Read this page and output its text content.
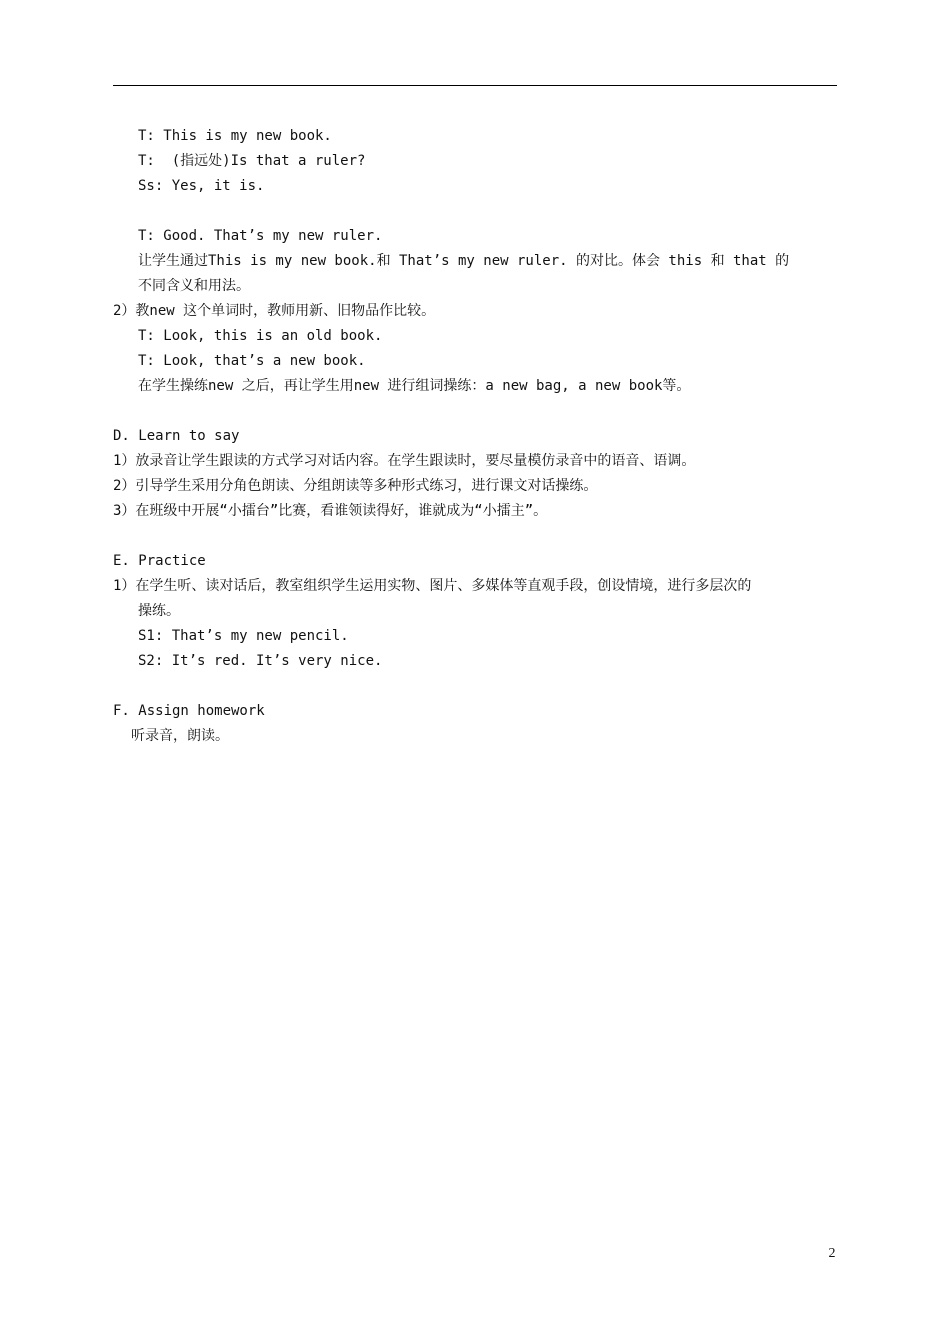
T: This is my new book.
T:  (指远处)Is that a ruler?
Ss: Yes, it is.
T: Good. That’s my new ruler.
让学生通过This is my new book.和 That’s my new ruler. 的对比。体会 this 和 that 的
不同含义和用法。
2）教new 这个单词时，教师用新、旧物品作比较。
T: Look, this is an old book.
T: Look, that’s a new book.
在学生操练new 之后，再让学生用new 进行组词操练：a new bag, a new book等。
D. Learn to say
1）放录音让学生跟读的方式学习对话内容。在学生跟读时，要尽量模仿录音中的语音、语调。
2）引导学生采用分角色朗读、分组朗读等多种形式练习，进行课文对话操练。
3）在班级中开展“小擂台”比赛，看谁领读得好，谁就成为“小擂主”。
E. Practice
1）在学生听、读对话后，教室组织学生运用实物、图片、多媒体等直观手段，创设情境，进行多层次的
操练。
S1: That’s my new pencil.
S2: It’s red. It’s very nice.
F. Assign homework
听录音，朗读。
2
